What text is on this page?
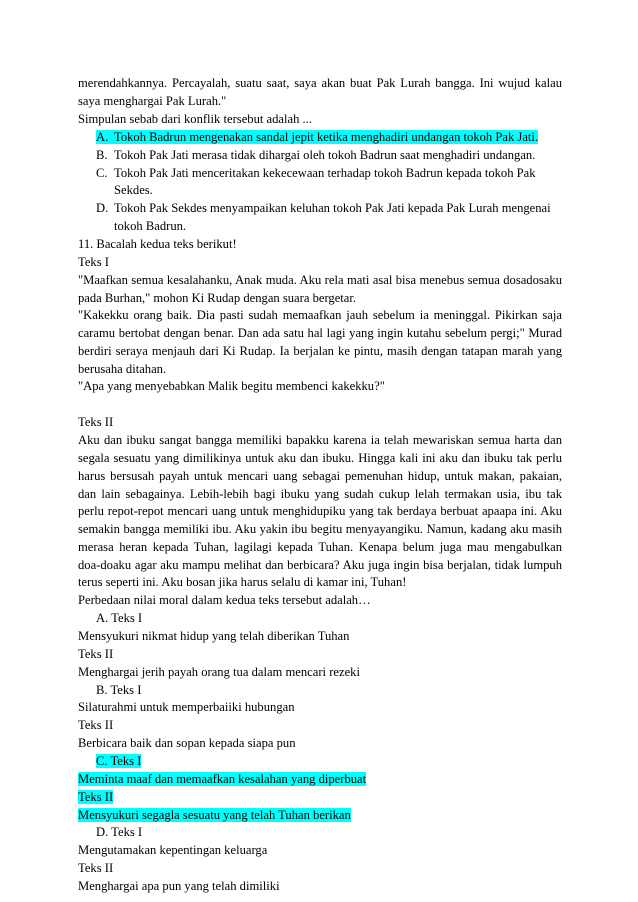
merendahkannya. Percayalah, suatu saat, saya akan buat Pak Lurah bangga. Ini wujud kalau
saya menghargai Pak Lurah."
Simpulan sebab dari konflik tersebut adalah ...
A. Tokoh Badrun mengenakan sandal jepit ketika menghadiri undangan tokoh Pak Jati.
B. Tokoh Pak Jati merasa tidak dihargai oleh tokoh Badrun saat menghadiri undangan.
C. Tokoh Pak Jati menceritakan kekecewaan terhadap tokoh Badrun kepada tokoh Pak
Sekdes.
D. Tokoh Pak Sekdes menyampaikan keluhan tokoh Pak Jati kepada Pak Lurah mengenai
tokoh Badrun.
11. Bacalah kedua teks berikut!
Teks I
"Maafkan semua kesalahanku, Anak muda. Aku rela mati asal bisa menebus semua dosadosaku
pada Burhan," mohon Ki Rudap dengan suara bergetar.
"Kakekku orang baik. Dia pasti sudah memaafkan jauh sebelum ia meninggal. Pikirkan saja
caramu bertobat dengan benar. Dan ada satu hal lagi yang ingin kutahu sebelum pergi;" Murad
berdiri seraya menjauh dari Ki Rudap. Ia berjalan ke pintu, masih dengan tatapan marah yang
berusaha ditahan.
"Apa yang menyebabkan Malik begitu membenci kakekku?"
Teks II
Aku dan ibuku sangat bangga memiliki bapakku karena ia telah mewariskan semua harta dan
segala sesuatu yang dimilikinya untuk aku dan ibuku. Hingga kali ini aku dan ibuku tak perlu
harus bersusah payah untuk mencari uang sebagai pemenuhan hidup, untuk makan, pakaian,
dan lain sebagainya. Lebih-lebih bagi ibuku yang sudah cukup lelah termakan usia, ibu tak
perlu repot-repot mencari uang untuk menghidupiku yang tak berdaya berbuat apaapa ini. Aku
semakin bangga memiliki ibu. Aku yakin ibu begitu menyayangiku. Namun, kadang aku masih
merasa heran kepada Tuhan, lagilagi kepada Tuhan. Kenapa belum juga mau mengabulkan
doa-doaku agar aku mampu melihat dan berbicara? Aku juga ingin bisa berjalan, tidak lumpuh
terus seperti ini. Aku bosan jika harus selalu di kamar ini, Tuhan!
Perbedaan nilai moral dalam kedua teks tersebut adalah…
A. Teks I
Mensyukuri nikmat hidup yang telah diberikan Tuhan
Teks II
Menghargai jerih payah orang tua dalam mencari rezeki
B. Teks I
Silaturahmi untuk memperbaiiki hubungan
Teks II
Berbicara baik dan sopan kepada siapa pun
C. Teks I
Meminta maaf dan memaafkan kesalahan yang diperbuat
Teks II
Mensyukuri segagla sesuatu yang telah Tuhan berikan
D. Teks I
Mengutamakan kepentingan keluarga
Teks II
Menghargai apa pun yang telah dimiliki
